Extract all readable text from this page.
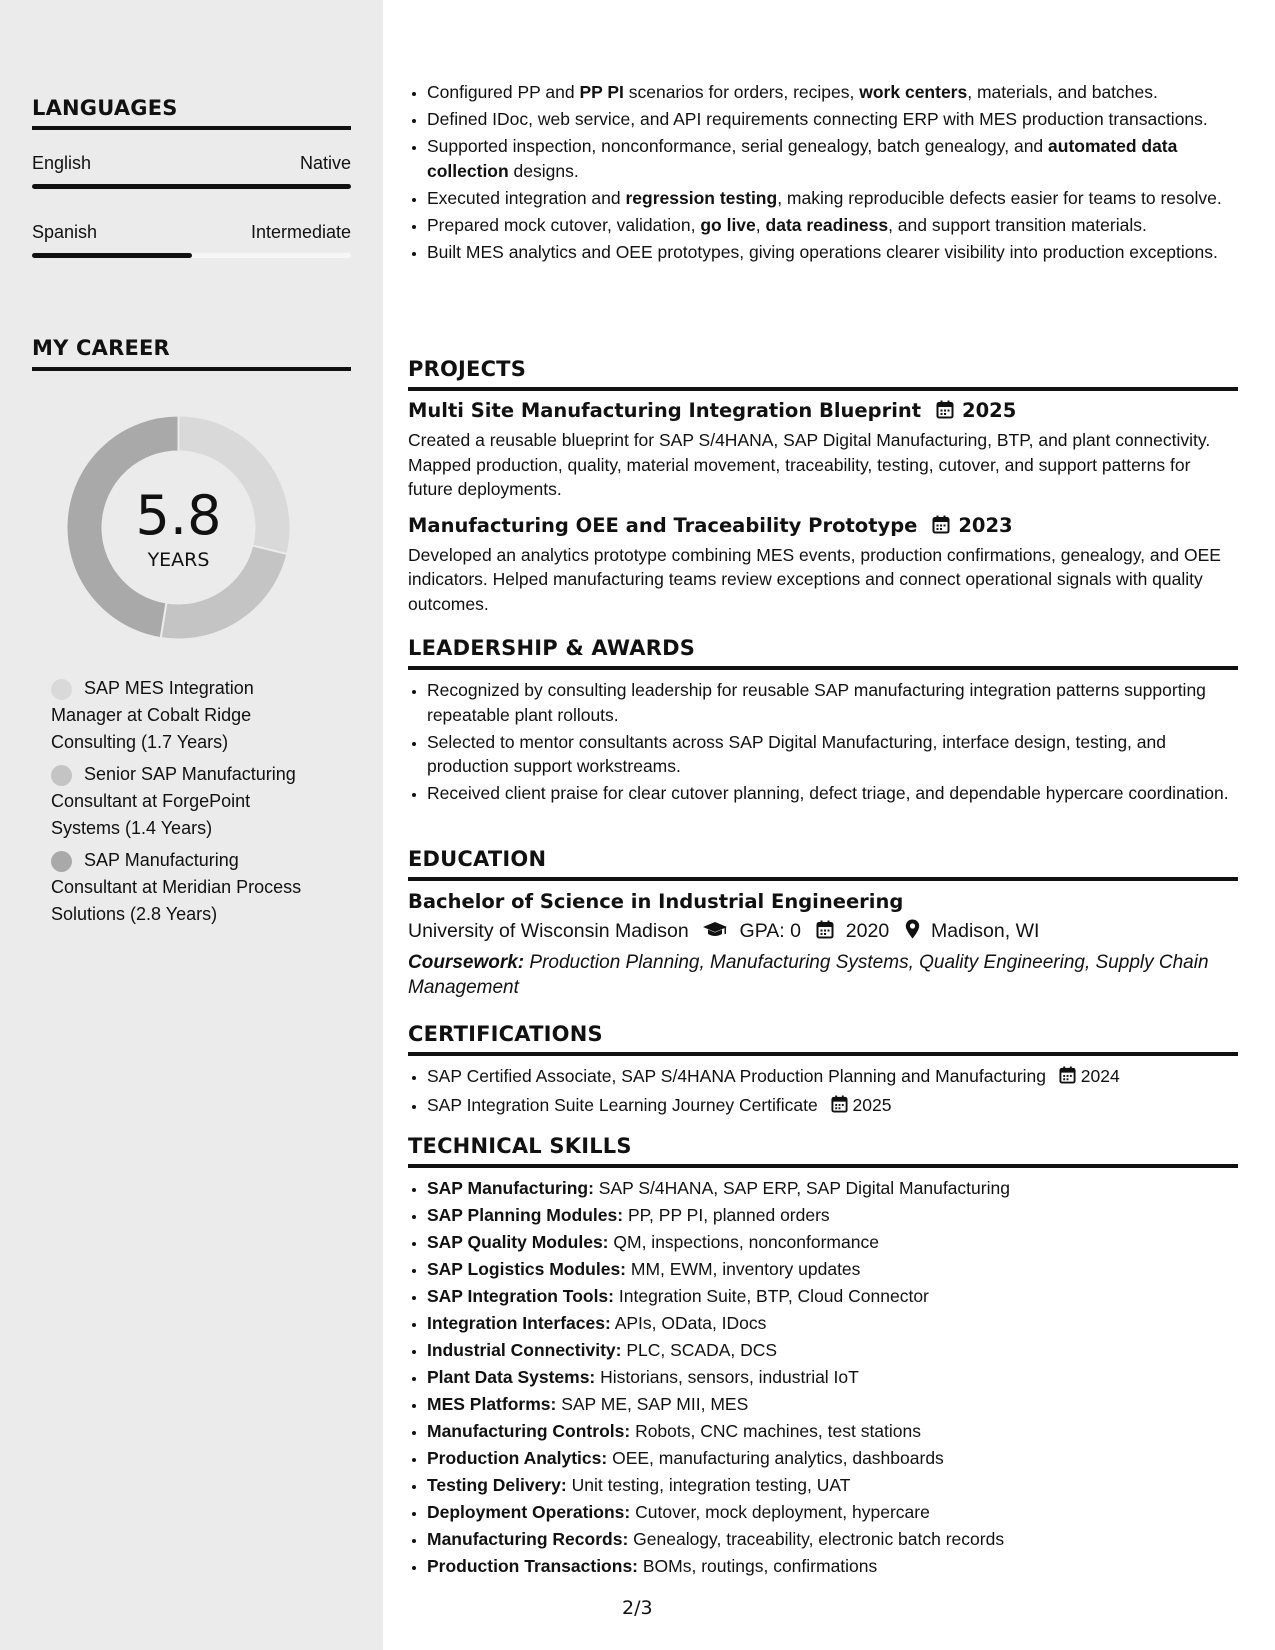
LANGUAGES
English	Native
Spanish	Intermediate
MY CAREER
5.8
YEARS
SAP MES Integration Manager at Cobalt Ridge Consulting (1.7 Years)
Senior SAP Manufacturing Consultant at ForgePoint Systems (1.4 Years)
SAP Manufacturing Consultant at Meridian Process Solutions (2.8 Years)
• Configured PP and PP PI scenarios for orders, recipes, work centers, materials, and batches.
• Defined IDoc, web service, and API requirements connecting ERP with MES production transactions.
• Supported inspection, nonconformance, serial genealogy, batch genealogy, and automated data collection designs.
• Executed integration and regression testing, making reproducible defects easier for teams to resolve.
• Prepared mock cutover, validation, go live, data readiness, and support transition materials.
• Built MES analytics and OEE prototypes, giving operations clearer visibility into production exceptions.
PROJECTS
Multi Site Manufacturing Integration Blueprint 2025

Created a reusable blueprint for SAP S/4HANA, SAP Digital Manufacturing, BTP, and plant connectivity. Mapped production, quality, material movement, traceability, testing, cutover, and support patterns for future deployments.

Manufacturing OEE and Traceability Prototype 2023

Developed an analytics prototype combining MES events, production confirmations, genealogy, and OEE indicators. Helped manufacturing teams review exceptions and connect operational signals with quality outcomes.

LEADERSHIP & AWARDS
• Recognized by consulting leadership for reusable SAP manufacturing integration patterns supporting repeatable plant rollouts.
• Selected to mentor consultants across SAP Digital Manufacturing, interface design, testing, and production support workstreams.
• Received client praise for clear cutover planning, defect triage, and dependable hypercare coordination.
EDUCATION
Bachelor of Science in Industrial Engineering
University of Wisconsin Madison	GPA: 0 2020 Madison, WI
Coursework: Production Planning, Manufacturing Systems, Quality Engineering, Supply Chain Management
CERTIFICATIONS
• SAP Certified Associate, SAP S/4HANA Production Planning and Manufacturing 2024
• SAP Integration Suite Learning Journey Certificate 2025
TECHNICAL SKILLS
• SAP Manufacturing: SAP S/4HANA, SAP ERP, SAP Digital Manufacturing
• SAP Planning Modules: PP, PP PI, planned orders
• SAP Quality Modules: QM, inspections, nonconformance
• SAP Logistics Modules: MM, EWM, inventory updates
• SAP Integration Tools: Integration Suite, BTP, Cloud Connector
• Integration Interfaces: APIs, OData, IDocs
• Industrial Connectivity: PLC, SCADA, DCS
• Plant Data Systems: Historians, sensors, industrial IoT
• MES Platforms: SAP ME, SAP MII, MES
• Manufacturing Controls: Robots, CNC machines, test stations
• Production Analytics: OEE, manufacturing analytics, dashboards
• Testing Delivery: Unit testing, integration testing, UAT
• Deployment Operations: Cutover, mock deployment, hypercare
• Manufacturing Records: Genealogy, traceability, electronic batch records
• Production Transactions: BOMs, routings, confirmations
2/3
